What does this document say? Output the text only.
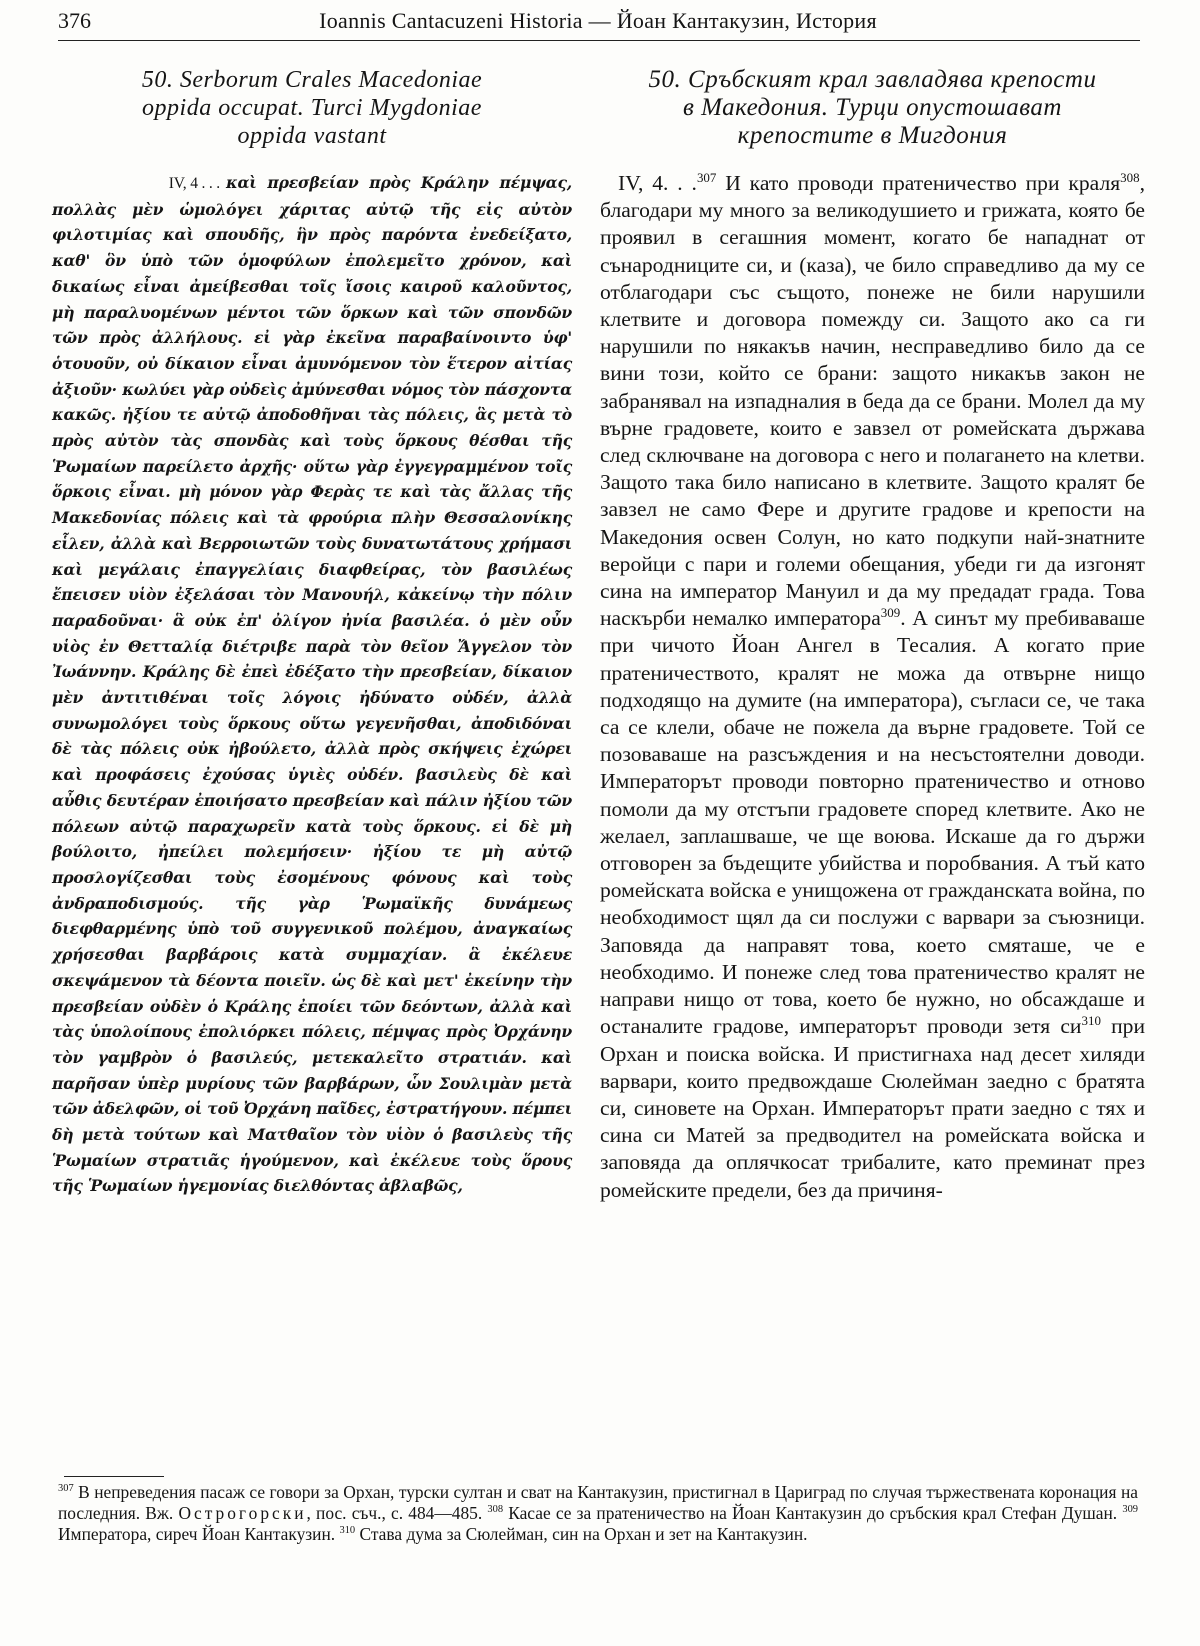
376	Ioannis Cantacuzeni Historia — Йоан Кантакузин, История
50. Serborum Crales Macedoniae
oppida occupat. Turci Mygdoniae
oppida vastant

IV, 4 . . . καὶ πρεσβείαν πρὸς Κράλην πέμψας, πολλὰς μὲν ὡμολόγει χάριτας αὐτῷ τῆς εἰς αὐτὸν φιλοτιμίας καὶ σπουδῆς, ἣν πρὸς παρόντα ἐνεδείξατο, καθ' ὃν ὑπὸ τῶν ὁμοφύλων ἐπολεμεῖτο χρόνον, καὶ δικαίως εἶναι ἀμείβεσθαι τοῖς ἴσοις καιροῦ καλοῦντος, μὴ παραλυομένων μέντοι τῶν ὅρκων καὶ τῶν σπονδῶν τῶν πρὸς ἀλλήλους. εἰ γὰρ ἐκεῖνα παραβαίνοιντο ὑφ' ὁτουοῦν, οὐ δίκαιον εἶναι ἀμυνόμενον τὸν ἕτερον αἰτίας ἀξιοῦν· κωλύει γὰρ οὐδεὶς ἀμύνεσθαι νόμος τὸν πάσχοντα κακῶς. ἠξίου τε αὐτῷ ἀποδοθῆναι τὰς πόλεις, ἃς μετὰ τὸ πρὸς αὐτὸν τὰς σπονδὰς καὶ τοὺς ὅρκους θέσθαι τῆς Ῥωμαίων παρείλετο ἀρχῆς· οὕτω γὰρ ἐγγεγραμμένον τοῖς ὅρκοις εἶναι. μὴ μόνον γὰρ Φερὰς τε καὶ τὰς ἄλλας τῆς Μακεδονίας πόλεις καὶ τὰ φρούρια πλὴν Θεσσαλονίκης εἷλεν, ἀλλὰ καὶ Βερροιωτῶν τοὺς δυνατωτάτους χρήμασι καὶ μεγάλαις ἐπαγγελίαις διαφθείρας, τὸν βασιλέως ἔπεισεν υἱὸν ἐξελάσαι τὸν Μανουήλ, κἀκείνῳ τὴν πόλιν παραδοῦναι· ἃ οὐκ ἐπ' ὀλίγον ἠνία βασιλέα. ὁ μὲν οὖν υἱὸς ἐν Θετταλίᾳ διέτριβε παρὰ τὸν θεῖον Ἄγγελον τὸν Ἰωάννην. Κράλης δὲ ἐπεὶ ἐδέξατο τὴν πρεσβείαν, δίκαιον μὲν ἀντιτιθέναι τοῖς λόγοις ἠδύνατο οὐδέν, ἀλλὰ συνωμολόγει τοὺς ὅρκους οὕτω γεγενῆσθαι, ἀποδιδόναι δὲ τὰς πόλεις οὐκ ἠβούλετο, ἀλλὰ πρὸς σκήψεις ἐχώρει καὶ προφάσεις ἐχούσας ὑγιὲς οὐδέν. βασιλεὺς δὲ καὶ αὖθις δευτέραν ἐποιήσατο πρεσβείαν καὶ πάλιν ἠξίου τῶν πόλεων αὐτῷ παραχωρεῖν κατὰ τοὺς ὅρκους. εἰ δὲ μὴ βούλοιτο, ἠπείλει πολεμήσειν· ἠξίου τε μὴ αὐτῷ προσλογίζεσθαι τοὺς ἐσομένους φόνους καὶ τοὺς ἀνδραποδισμούς. τῆς γὰρ Ῥωμαϊκῆς δυνάμεως διεφθαρμένης ὑπὸ τοῦ συγγενικοῦ πολέμου, ἀναγκαίως χρήσεσθαι βαρβάροις κατὰ συμμαχίαν. ἃ ἐκέλευε σκεψάμενον τὰ δέοντα ποιεῖν. ὡς δὲ καὶ μετ' ἐκείνην τὴν πρεσβείαν οὐδὲν ὁ Κράλης ἐποίει τῶν δεόντων, ἀλλὰ καὶ τὰς ὑπολοίπους ἐπολιόρκει πόλεις, πέμψας πρὸς Ὀρχάνην τὸν γαμβρὸν ὁ βασιλεύς, μετεκαλεῖτο στρατιάν. καὶ παρῆσαν ὑπὲρ μυρίους τῶν βαρβάρων, ὧν Σουλιμὰν μετὰ τῶν ἀδελφῶν, οἱ τοῦ Ὀρχάνη παῖδες, ἐστρατήγουν. πέμπει δὴ μετὰ τούτων καὶ Ματθαῖον τὸν υἱὸν ὁ βασιλεὺς τῆς Ῥωμαίων στρατιᾶς ἡγούμενον, καὶ ἐκέλευε τοὺς ὅρους τῆς Ῥωμαίων ἡγεμονίας διελθόντας ἀβλαβῶς,

50. Сръбският крал завладява крепости
в Македония. Турци опустошават
крепостите в Мигдония

IV, 4. . .$^{307}$ И като проводи пратеничество при краля$^{308}$, благодари му много за великодушието и грижата, която бе проявил в сегашния момент, когато бе нападнат от сънародниците си, и (каза), че било справедливо да му се отблагодари със същото, понеже не били нарушили клетвите и договора помежду си. Защото ако са ги нарушили по някакъв начин, несправедливо било да се вини този, който се брани: защото никакъв закон не забранявал на изпадналия в беда да се брани. Молел да му върне градовете, които е завзел от ромейската държава след сключване на договора с него и полагането на клетви. Защото така било написано в клетвите. Защото кралят бе завзел не само Фере и другите градове и крепости на Македония освен Солун, но като подкупи най-знатните веройци с пари и големи обещания, убеди ги да изгонят сина на император Мануил и да му предадат града. Това наскърби немалко императора$^{309}$. А синът му пребиваваше при чичото Йоан Ангел в Тесалия. А когато прие пратеничеството, кралят не можа да отвърне нищо подходящо на думите (на императора), съгласи се, че така са се клели, обаче не пожела да върне градовете. Той се позоваваше на разсъждения и на несъстоятелни доводи. Императорът проводи повторно пратеничество и отново помоли да му отстъпи градовете според клетвите. Ако не желаел, заплашваше, че ще воюва. Искаше да го държи отговорен за бъдещите убийства и поробвания. А тъй като ромейската войска е унищожена от гражданската война, по необходимост щял да си послужи с варвари за съюзници. Заповяда да направят това, което смяташе, че е необходимо. И понеже след това пратеничество кралят не направи нищо от това, което бе нужно, но обсаждаше и останалите градове, императорът проводи зетя $си^{310}$ при Орхан и поиска войска. И пристигнаха над десет хиляди варвари, които предвождаше Сюлейман заедно с братята си, синовете на Орхан. Императорът прати заедно с тях и сина си Матей за предводител на ромейската войска и заповяда да оплячкосат трибалите, като преминат през ромейските предели, без да причиня-

$^{307}$ В непреведения пасаж се говори за Орхан, турски султан и сват на Кантакузин, пристигнал в Цариград по случая тържествената коронация на последния. Вж. Острогорски, пос. съч., с. 484—485. $^{308}$ Касае се за пратеничество на Йоан Кантакузин до сръбския крал Стефан Душан. $^{309}$ Императора, сиреч Йоан Кантакузин. $^{310}$ Става дума за Сюлейман, син на Орхан и зет на Кантакузин.
